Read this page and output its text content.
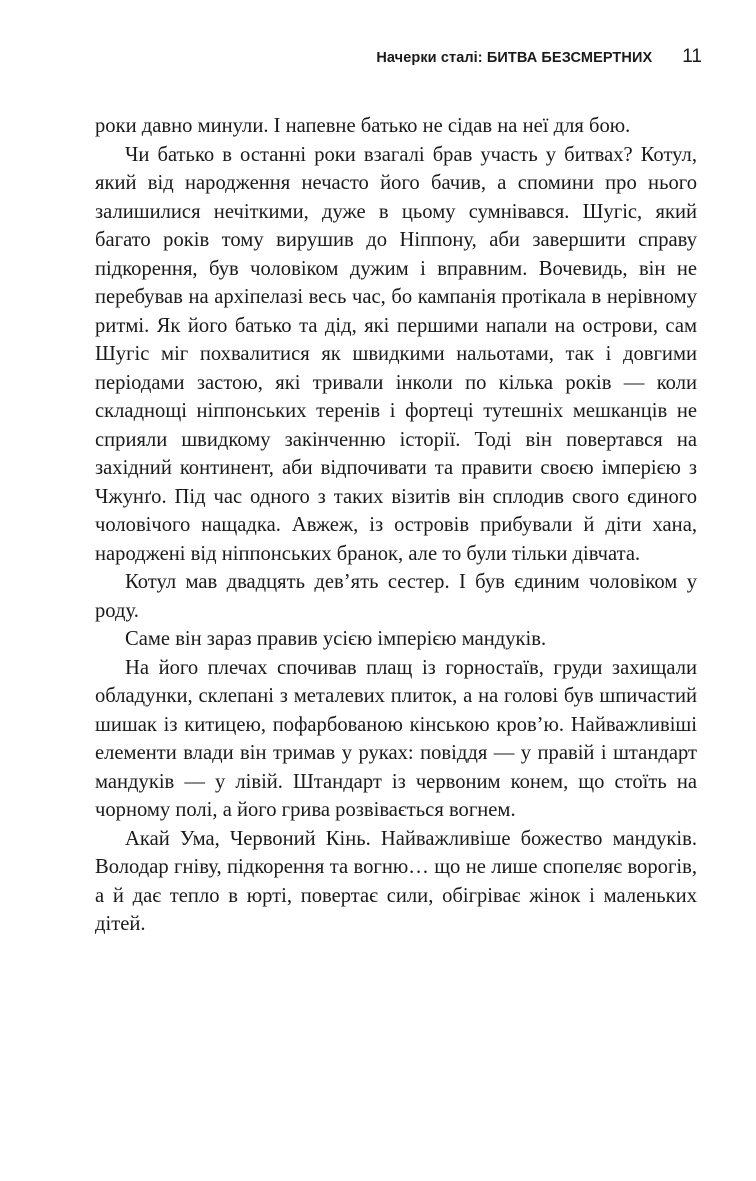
Начерки сталі: БИТВА БЕЗСМЕРТНИХ 11

роки давно минули. І напевне батько не сідав на неї для бою.

Чи батько в останні роки взагалі брав участь у битвах? Котул, який від народження нечасто його бачив, а спомини про нього залишилися нечіткими, дуже в цьому сумнівався. Шугіс, який багато років тому вирушив до Ніппону, аби завершити справу підкорення, був чоловіком дужим і вправним. Вочевидь, він не перебував на архіпелазі весь час, бо кампанія протікала в нерівному ритмі. Як його батько та дід, які першими напали на острови, сам Шугіс міг похвалитися як швидкими нальотами, так і довгими періодами застою, які тривали інколи по кілька років — коли складнощі ніппонських теренів і фортеці тутешніх мешканців не сприяли швидкому закінченню історії. Тоді він повертався на західний континент, аби відпочивати та правити своєю імперією з Чжунґо. Під час одного з таких візитів він сплодив свого єдиного чоловічого нащадка. Авжеж, із островів прибували й діти хана, народжені від ніппонських бранок, але то були тільки дівчата.

Котул мав двадцять дев’ять сестер. І був єдиним чоловіком у роду.

Саме він зараз правив усією імперією мандуків.

На його плечах спочивав плащ із горностаїв, груди захищали обладунки, склепані з металевих плиток, а на голові був шпичастий шишак із китицею, пофарбованою кінською кров’ю. Найважливіші елементи влади він тримав у руках: повіддя — у правій і штандарт мандуків — у лівій. Штандарт із червоним конем, що стоїть на чорному полі, а його грива розвівається вогнем.

Акай Ума, Червоний Кінь. Найважливіше божество мандуків. Володар гніву, підкорення та вогню… що не лише спопеляє ворогів, а й дає тепло в юрті, повертає сили, обігріває жінок і маленьких дітей.
